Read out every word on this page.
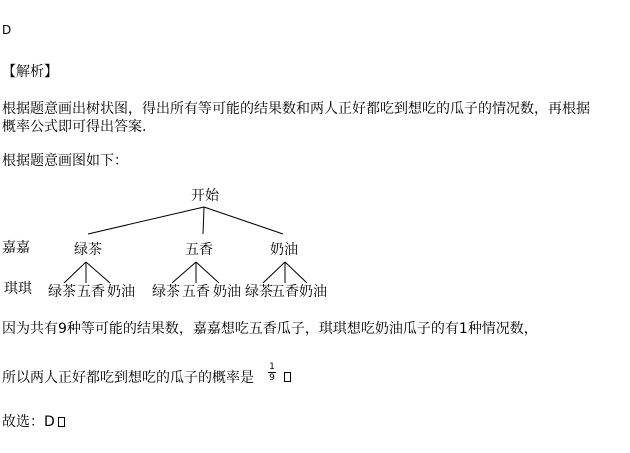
D
【解析】
根据题意画出树状图，得出所有等可能的结果数和两人正好都吃到想吃的瓜子的情况数，再根据
概率公式即可得出答案.
根据题意画图如下：
开始
嘉嘉
琪琪
绿茶	五香	奶油
绿茶 五香 奶油 绿茶 五香 奶油 绿茶
五香 奶油
因为共有9种等可能的结果数，嘉嘉想吃五香瓜子，琪琪想吃奶油瓜子的有1种情况数，
所以两人正好都吃到想吃的瓜子的概率是
1
9
故选：D
